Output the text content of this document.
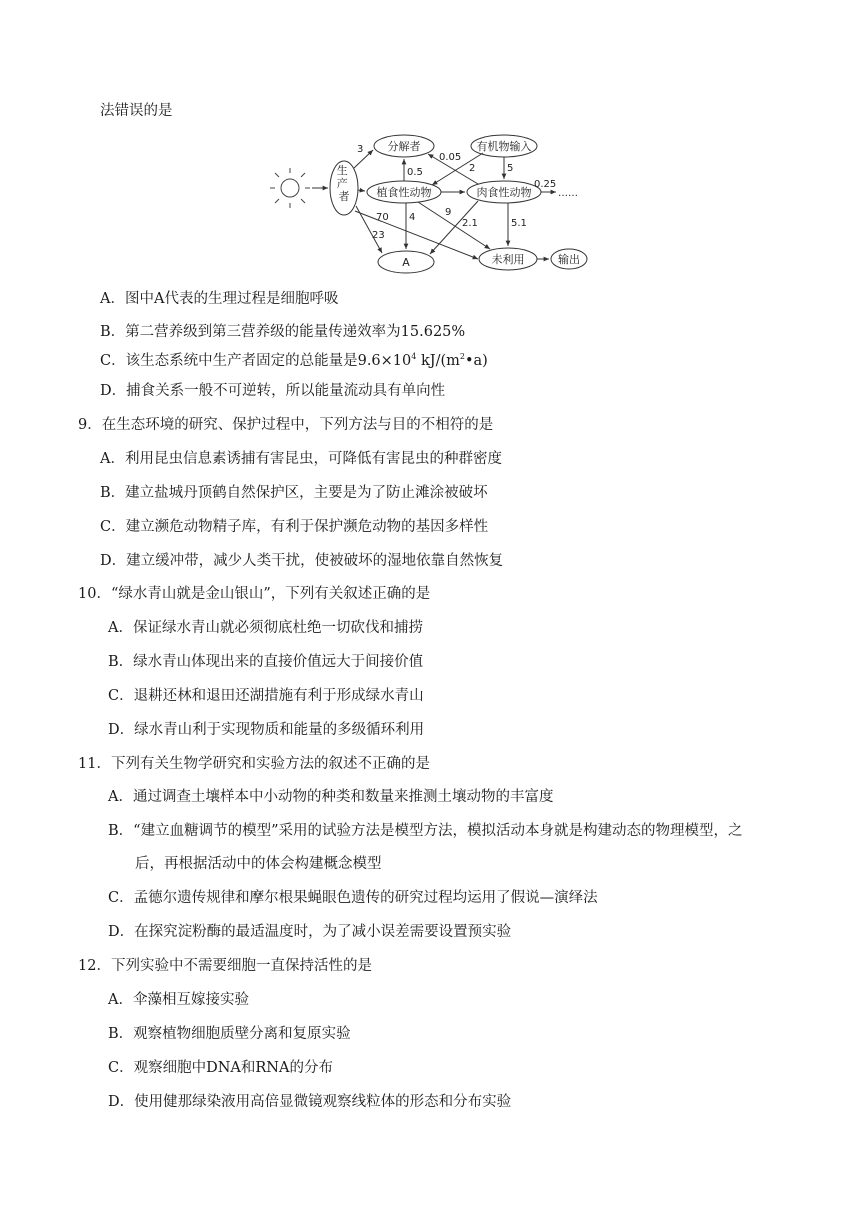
法错误的是
生 产 者
分解者	有机物输入
植食性动物	肉食性动物
A	未利用	输出
3
0.5
0.05
2	5
0.25
……
70 4	9
2.1	5.1
23
A．图中A代表的生理过程是细胞呼吸
B．第二营养级到第三营养级的能量传递效率为15.625%
C．该生态系统中生产者固定的总能量是$9.6\times 10^4$ $kJ/(m^2•a)$
D．捕食关系一般不可逆转，所以能量流动具有单向性
9．在生态环境的研究、保护过程中，下列方法与目的不相符的是
A．利用昆虫信息素诱捕有害昆虫，可降低有害昆虫的种群密度
B．建立盐城丹顶鹤自然保护区，主要是为了防止滩涂被破坏
C．建立濒危动物精子库，有利于保护濒危动物的基因多样性
D．建立缓冲带，减少人类干扰，使被破坏的湿地依靠自然恢复
10．“绿水青山就是金山银山”，下列有关叙述正确的是
A．保证绿水青山就必须彻底杜绝一切砍伐和捕捞
B．绿水青山体现出来的直接价值远大于间接价值
C．退耕还林和退田还湖措施有利于形成绿水青山
D．绿水青山利于实现物质和能量的多级循环利用
11．下列有关生物学研究和实验方法的叙述不正确的是
A．通过调查土壤样本中小动物的种类和数量来推测土壤动物的丰富度
B．“建立血糖调节的模型”采用的试验方法是模型方法，模拟活动本身就是构建动态的物理模型，之
后，再根据活动中的体会构建概念模型
C．孟德尔遗传规律和摩尔根果蝇眼色遗传的研究过程均运用了假说—演绎法
D．在探究淀粉酶的最适温度时，为了减小误差需要设置预实验
12．下列实验中不需要细胞一直保持活性的是
A．伞藻相互嫁接实验
B．观察植物细胞质壁分离和复原实验
C．观察细胞中DNA和RNA的分布
D．使用健那绿染液用高倍显微镜观察线粒体的形态和分布实验
